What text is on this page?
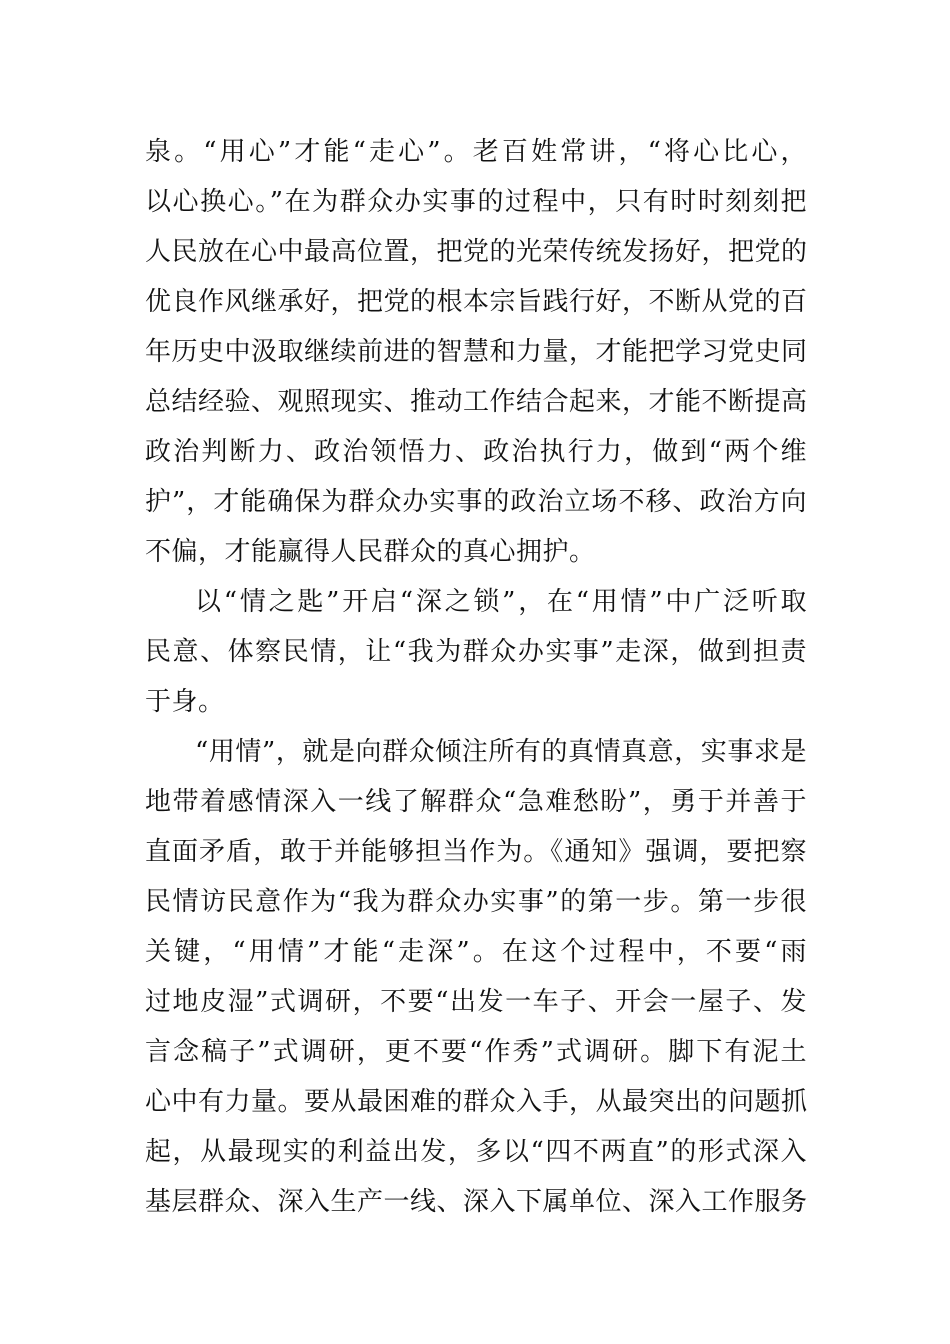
泉。“用心”才能“走心”。老百姓常讲，“将心比心，
以心换心。”在为群众办实事的过程中，只有时时刻刻把
人民放在心中最高位置，把党的光荣传统发扬好，把党的
优良作风继承好，把党的根本宗旨践行好，不断从党的百
年历史中汲取继续前进的智慧和力量，才能把学习党史同
总结经验、观照现实、推动工作结合起来，才能不断提高
政治判断力、政治领悟力、政治执行力，做到“两个维
护”，才能确保为群众办实事的政治立场不移、政治方向
不偏，才能赢得人民群众的真心拥护。
以“情之匙”开启“深之锁”，在“用情”中广泛听取
民意、体察民情，让“我为群众办实事”走深，做到担责
于身。
“用情”，就是向群众倾注所有的真情真意，实事求是
地带着感情深入一线了解群众“急难愁盼”，勇于并善于
直面矛盾，敢于并能够担当作为。《通知》强调，要把察
民情访民意作为“我为群众办实事”的第一步。第一步很
关键，“用情”才能“走深”。在这个过程中，不要“雨
过地皮湿”式调研，不要“出发一车子、开会一屋子、发
言念稿子”式调研，更不要“作秀”式调研。脚下有泥土
心中有力量。要从最困难的群众入手，从最突出的问题抓
起，从最现实的利益出发，多以“四不两直”的形式深入
基层群众、深入生产一线、深入下属单位、深入工作服务
